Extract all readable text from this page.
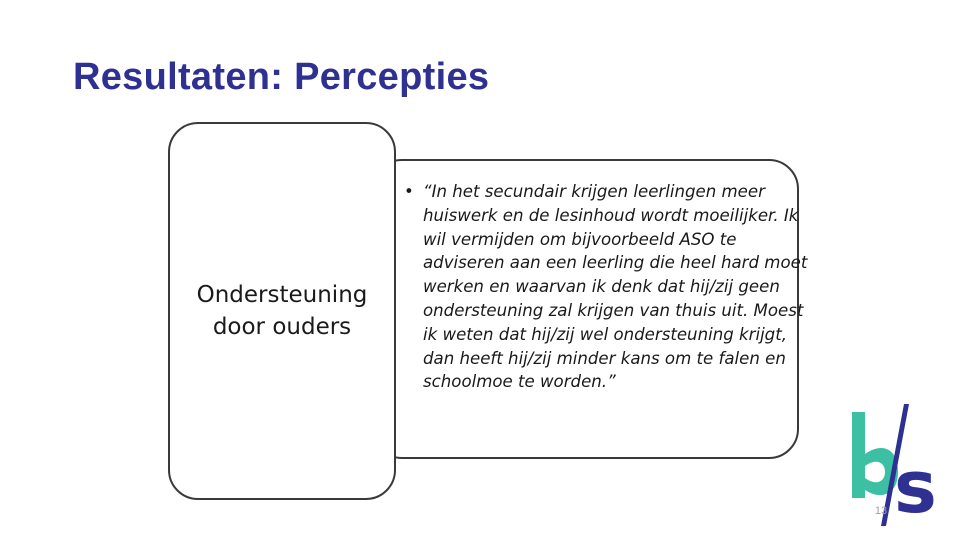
Resultaten: Percepties
Ondersteuning door ouders
• “In het secundair krijgen leerlingen meer huiswerk en de lesinhoud wordt moeilijker. Ik wil vermijden om bijvoorbeeld ASO te adviseren aan een leerling die heel hard moet werken en waarvan ik denk dat hij/zij geen ondersteuning zal krijgen van thuis uit. Moest ik weten dat hij/zij wel ondersteuning krijgt, dan heeft hij/zij minder kans om te falen en schoolmoe te worden.”
s
13
